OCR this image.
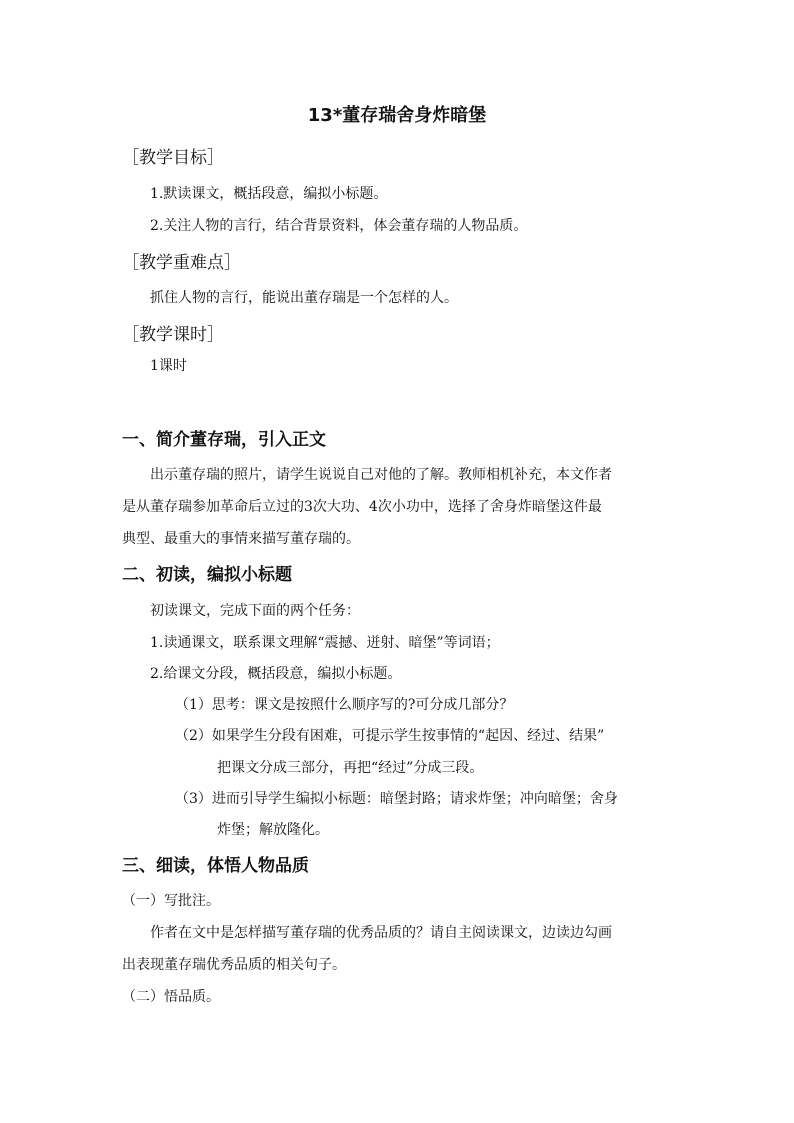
13*董存瑞舍身炸暗堡
［教学目标］
1.默读课文，概括段意，编拟小标题。
2.关注人物的言行，结合背景资料，体会董存瑞的人物品质。
［教学重难点］
抓住人物的言行，能说出董存瑞是一个怎样的人。
［教学课时］
1课时
一、简介董存瑞，引入正文
出示董存瑞的照片，请学生说说自己对他的了解。教师相机补充，本文作者
是从董存瑞参加革命后立过的3次大功、4次小功中，选择了舍身炸暗堡这件最
典型、最重大的事情来描写董存瑞的。
二、初读，编拟小标题
初读课文，完成下面的两个任务：
1.读通课文，联系课文理解“震撼、迸射、暗堡”等词语；
2.给课文分段，概括段意，编拟小标题。
（1）思考：课文是按照什么顺序写的?可分成几部分？
（2）如果学生分段有困难，可提示学生按事情的“起因、经过、结果”
把课文分成三部分，再把“经过”分成三段。
（3）进而引导学生编拟小标题：暗堡封路；请求炸堡；冲向暗堡；舍身
炸堡；解放隆化。
三、细读，体悟人物品质
（一）写批注。
作者在文中是怎样描写董存瑞的优秀品质的？请自主阅读课文，边读边勾画
出表现董存瑞优秀品质的相关句子。
（二）悟品质。
